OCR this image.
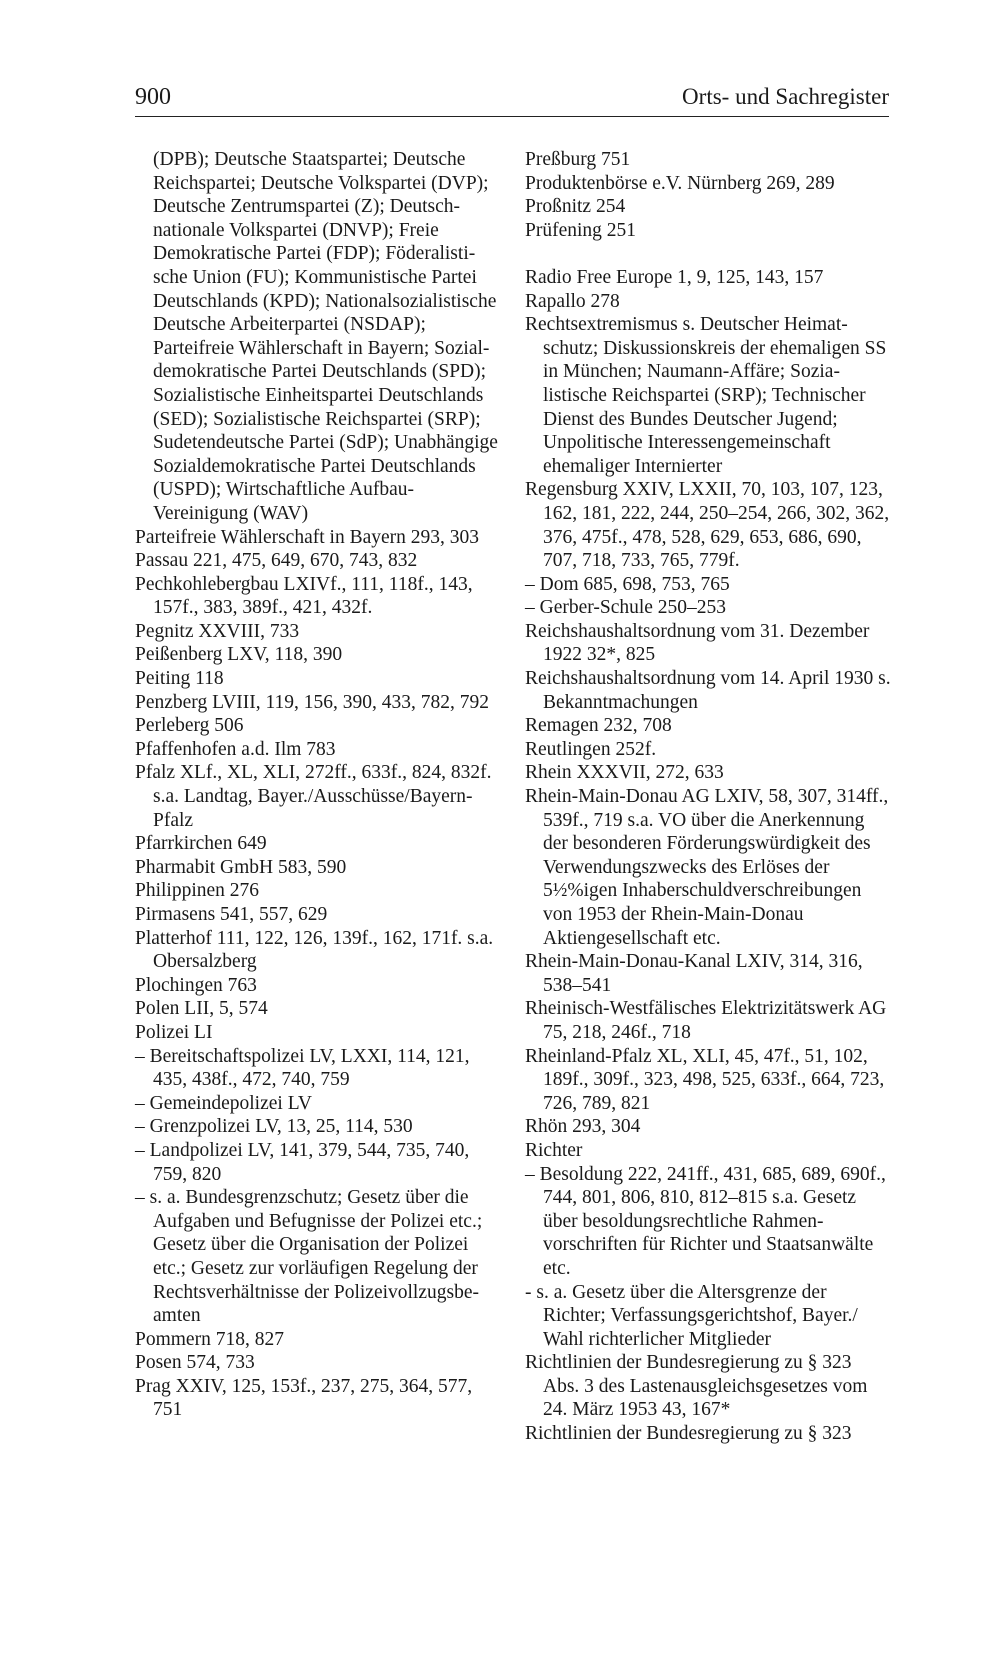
900	Orts- und Sachregister

(DPB); Deutsche Staatspartei; Deutsche Reichspartei; Deutsche Volkspartei (DVP); Deutsche Zentrumspartei (Z); Deutschnationale Volkspartei (DNVP); Freie Demokratische Partei (FDP); Föderalistische Union (FU); Kommunistische Partei Deutschlands (KPD); Nationalsozialistische Deutsche Arbeiterpartei (NSDAP); Parteifreie Wählerschaft in Bayern; Sozialdemokratische Partei Deutschlands (SPD); Sozialistische Einheitspartei Deutschlands (SED); Sozialistische Reichspartei (SRP); Sudetendeutsche Partei (SdP); Unabhängige Sozialdemokratische Partei Deutschlands (USPD); Wirtschaftliche Aufbau-Vereinigung (WAV)

Parteifreie Wählerschaft in Bayern 293, 303

Passau 221, 475, 649, 670, 743, 832

Pechkohlebergbau LXIVf., 111, 118f., 143, 157f., 383, 389f., 421, 432f.

Pegnitz XXVIII, 733

Peißenberg LXV, 118, 390

Peiting 118

Penzberg LVIII, 119, 156, 390, 433, 782, 792

Perleberg 506

Pfaffenhofen a.d. Ilm 783

Pfalz XLf., XL, XLI, 272ff., 633f., 824, 832f. s.a. Landtag, Bayer./Ausschüsse/Bayern-Pfalz

Pfarrkirchen 649

Pharmabit GmbH 583, 590

Philippinen 276

Pirmasens 541, 557, 629

Platterhof 111, 122, 126, 139f., 162, 171f. s.a. Obersalzberg

Plochingen 763

Polen LII, 5, 574

Polizei LI

– Bereitschaftspolizei LV, LXXI, 114, 121, 435, 438f., 472, 740, 759

– Gemeindepolizei LV

– Grenzpolizei LV, 13, 25, 114, 530

– Landpolizei LV, 141, 379, 544, 735, 740, 759, 820

– s. a. Bundesgrenzschutz; Gesetz über die Aufgaben und Befugnisse der Polizei etc.; Gesetz über die Organisation der Polizei etc.; Gesetz zur vorläufigen Regelung der Rechtsverhältnisse der Polizeivollzugsbeamten

Pommern 718, 827

Posen 574, 733

Prag XXIV, 125, 153f., 237, 275, 364, 577, 751

Preßburg 751

Produktenbörse e.V. Nürnberg 269, 289

Proßnitz 254

Prüfening 251

Radio Free Europe 1, 9, 125, 143, 157

Rapallo 278

Rechtsextremismus s. Deutscher Heimatschutz; Diskussionskreis der ehemaligen SS in München; Naumann-Affäre; Sozialistische Reichspartei (SRP); Technischer Dienst des Bundes Deutscher Jugend; Unpolitische Interessengemeinschaft ehemaliger Internierter

Regensburg XXIV, LXXII, 70, 103, 107, 123, 162, 181, 222, 244, 250–254, 266, 302, 362, 376, 475f., 478, 528, 629, 653, 686, 690, 707, 718, 733, 765, 779f.

– Dom 685, 698, 753, 765

– Gerber-Schule 250–253

Reichshaushaltsordnung vom 31. Dezember 1922 32*, 825

Reichshaushaltsordnung vom 14. April 1930 s. Bekanntmachungen

Remagen 232, 708

Reutlingen 252f.

Rhein XXXVII, 272, 633

Rhein-Main-Donau AG LXIV, 58, 307, 314ff., 539f., 719 s.a. VO über die Anerkennung der besonderen Förderungswürdigkeit des Verwendungszwecks des Erlöses der 5½%igen Inhaberschuldverschreibungen von 1953 der Rhein-Main-Donau Aktiengesellschaft etc.

Rhein-Main-Donau-Kanal LXIV, 314, 316, 538–541

Rheinisch-Westfälisches Elektrizitätswerk AG 75, 218, 246f., 718

Rheinland-Pfalz XL, XLI, 45, 47f., 51, 102, 189f., 309f., 323, 498, 525, 633f., 664, 723, 726, 789, 821

Rhön 293, 304

Richter

– Besoldung 222, 241ff., 431, 685, 689, 690f., 744, 801, 806, 810, 812–815 s.a. Gesetz über besoldungsrechtliche Rahmenvorschriften für Richter und Staatsanwälte etc.

- s. a. Gesetz über die Altersgrenze der Richter; Verfassungsgerichtshof, Bayer./ Wahl richterlicher Mitglieder

Richtlinien der Bundesregierung zu § 323 Abs. 3 des Lastenausgleichsgesetzes vom 24. März 1953 43, 167*

Richtlinien der Bundesregierung zu § 323
